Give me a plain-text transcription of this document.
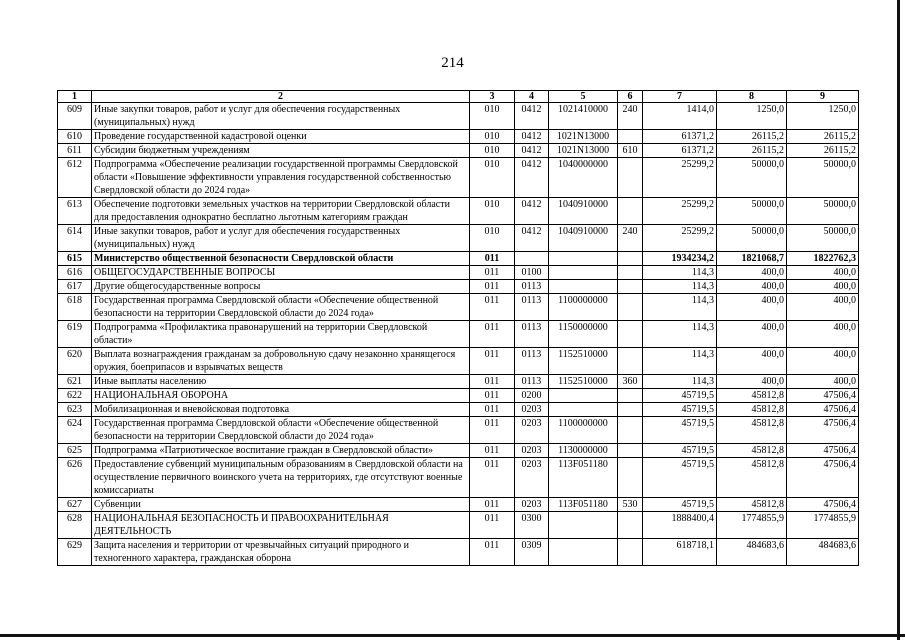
214
1	2	3	4	5	6	7	8	9
609	Иные закупки товаров, работ и услуг для обеспечения государственных (муниципальных) нужд	010	0412	1021410000	240	1414,0	1250,0	1250,0
610	Проведение государственной кадастровой оценки	010	0412	1021N13000		61371,2	26115,2	26115,2
611	Субсидии бюджетным учреждениям	010	0412	1021N13000	610	61371,2	26115,2	26115,2
612	Подпрограмма «Обеспечение реализации государственной программы Свердловской области «Повышение эффективности управления государственной собственностью Свердловской области до 2024 года»	010	0412	1040000000		25299,2	50000,0	50000,0
613	Обеспечение подготовки земельных участков на территории Свердловской области для предоставления однократно бесплатно льготным категориям граждан	010	0412	1040910000		25299,2	50000,0	50000,0
614	Иные закупки товаров, работ и услуг для обеспечения государственных (муниципальных) нужд	010	0412	1040910000	240	25299,2	50000,0	50000,0
615	Министерство общественной безопасности Свердловской области	011				1934234,2	1821068,7	1822762,3
616	ОБЩЕГОСУДАРСТВЕННЫЕ ВОПРОСЫ	011	0100			114,3	400,0	400,0
617	Другие общегосударственные вопросы	011	0113			114,3	400,0	400,0
618	Государственная программа Свердловской области «Обеспечение общественной безопасности на территории Свердловской области до 2024 года»	011	0113	1100000000		114,3	400,0	400,0
619	Подпрограмма «Профилактика правонарушений на территории Свердловской области»	011	0113	1150000000		114,3	400,0	400,0
620	Выплата вознаграждения гражданам за добровольную сдачу незаконно хранящегося оружия, боеприпасов и взрывчатых веществ	011	0113	1152510000		114,3	400,0	400,0
621	Иные выплаты населению	011	0113	1152510000	360	114,3	400,0	400,0
622	НАЦИОНАЛЬНАЯ ОБОРОНА	011	0200			45719,5	45812,8	47506,4
623	Мобилизационная и вневойсковая подготовка	011	0203			45719,5	45812,8	47506,4
624	Государственная программа Свердловской области «Обеспечение общественной безопасности на территории Свердловской области до 2024 года»	011	0203	1100000000		45719,5	45812,8	47506,4
625	Подпрограмма «Патриотическое воспитание граждан в Свердловской области»	011	0203	1130000000		45719,5	45812,8	47506,4
626	Предоставление субвенций муниципальным образованиям в Свердловской области на осуществление первичного воинского учета на территориях, где отсутствуют военные комиссариаты	011	0203	113F051180		45719,5	45812,8	47506,4
627	Субвенции	011	0203	113F051180	530	45719,5	45812,8	47506,4
628	НАЦИОНАЛЬНАЯ БЕЗОПАСНОСТЬ И ПРАВООХРАНИТЕЛЬНАЯ ДЕЯТЕЛЬНОСТЬ	011	0300			1888400,4	1774855,9	1774855,9
629	Защита населения и территории от чрезвычайных ситуаций природного и техногенного характера, гражданская оборона	011	0309			618718,1	484683,6	484683,6
